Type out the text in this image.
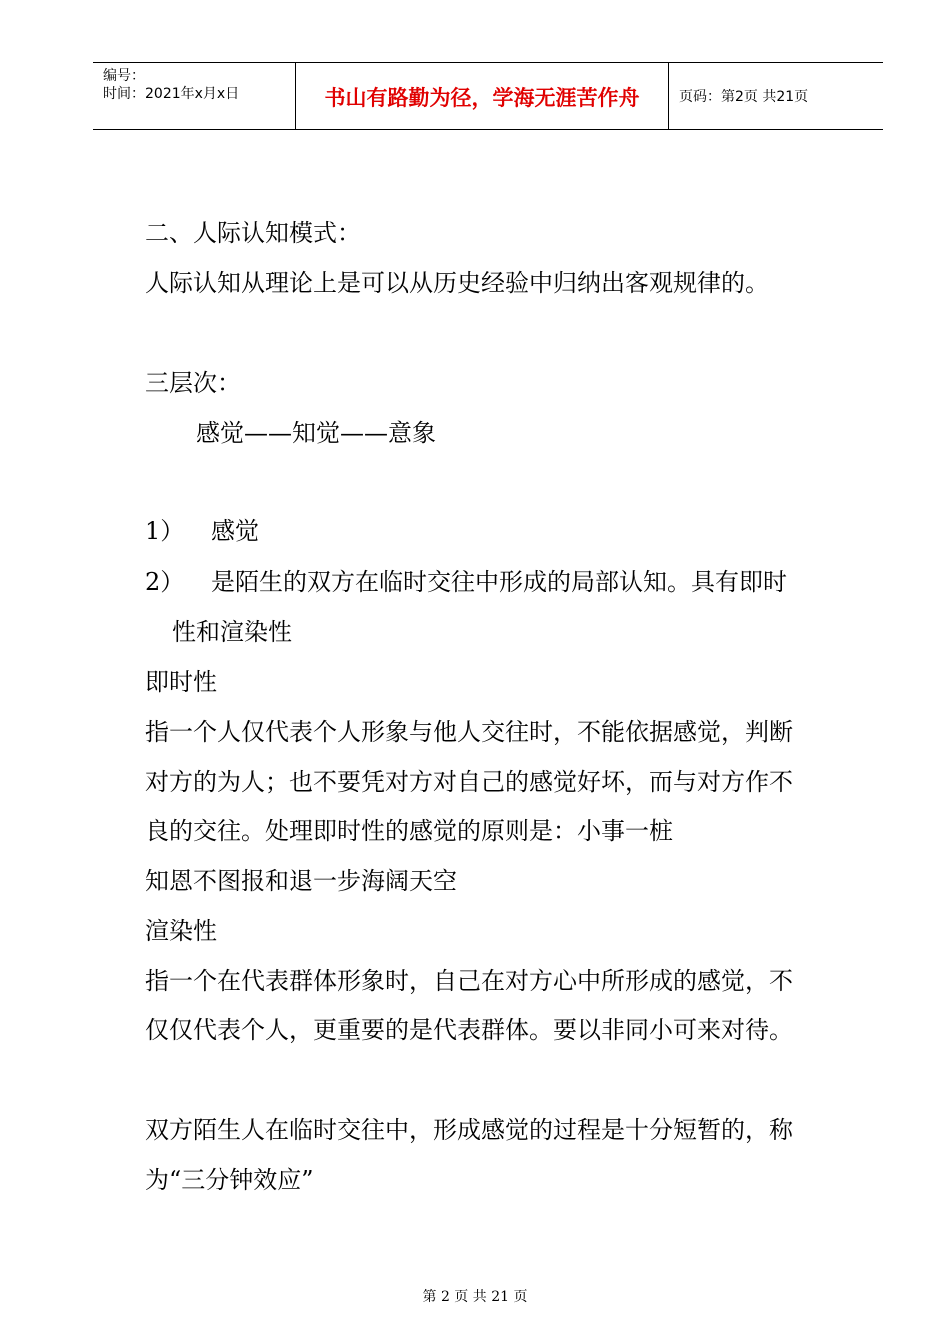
编号：
时间：2021年x月x日	书山有路勤为径，学海无涯苦作舟	页码：第2页 共21页
二、人际认知模式：
人际认知从理论上是可以从历史经验中归纳出客观规律的。
三层次：
感觉——知觉——意象
1） 感觉
2） 是陌生的双方在临时交往中形成的局部认知。具有即时
性和渲染性
即时性
指一个人仅代表个人形象与他人交往时，不能依据感觉，判断
对方的为人；也不要凭对方对自己的感觉好坏，而与对方作不
良的交往。处理即时性的感觉的原则是：小事一桩
知恩不图报和退一步海阔天空
渲染性
指一个在代表群体形象时，自己在对方心中所形成的感觉，不
仅仅代表个人，更重要的是代表群体。要以非同小可来对待。
双方陌生人在临时交往中，形成感觉的过程是十分短暂的，称
为“三分钟效应”
第 2 页 共 21 页
